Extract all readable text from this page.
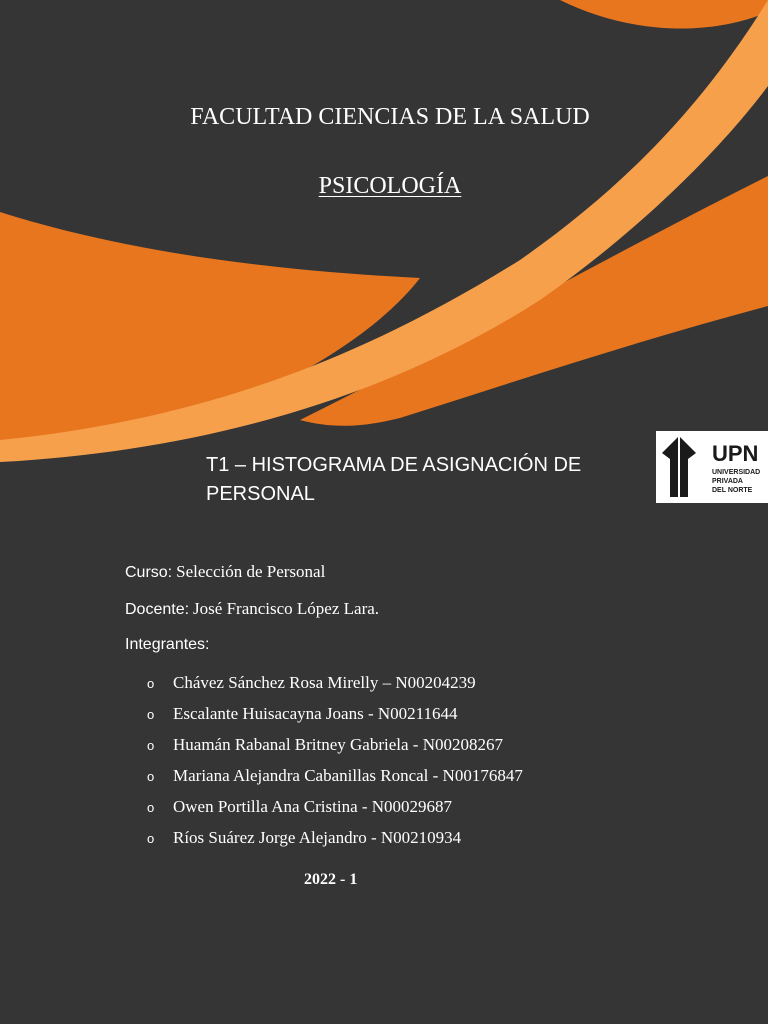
FACULTAD CIENCIAS DE LA SALUD
PSICOLOGÍA
T1 – HISTOGRAMA DE ASIGNACIÓN DE PERSONAL
UPN
UNIVERSIDAD
PRIVADA
DEL NORTE
Curso: Selección de Personal
Docente: José Francisco López Lara.
Integrantes:
o Chávez Sánchez Rosa Mirelly – N00204239
o Escalante Huisacayna Joans - N00211644
o Huamán Rabanal Britney Gabriela - N00208267
o Mariana Alejandra Cabanillas Roncal - N00176847
o Owen Portilla Ana Cristina - N00029687
o Ríos Suárez Jorge Alejandro - N00210934
2022 - 1
